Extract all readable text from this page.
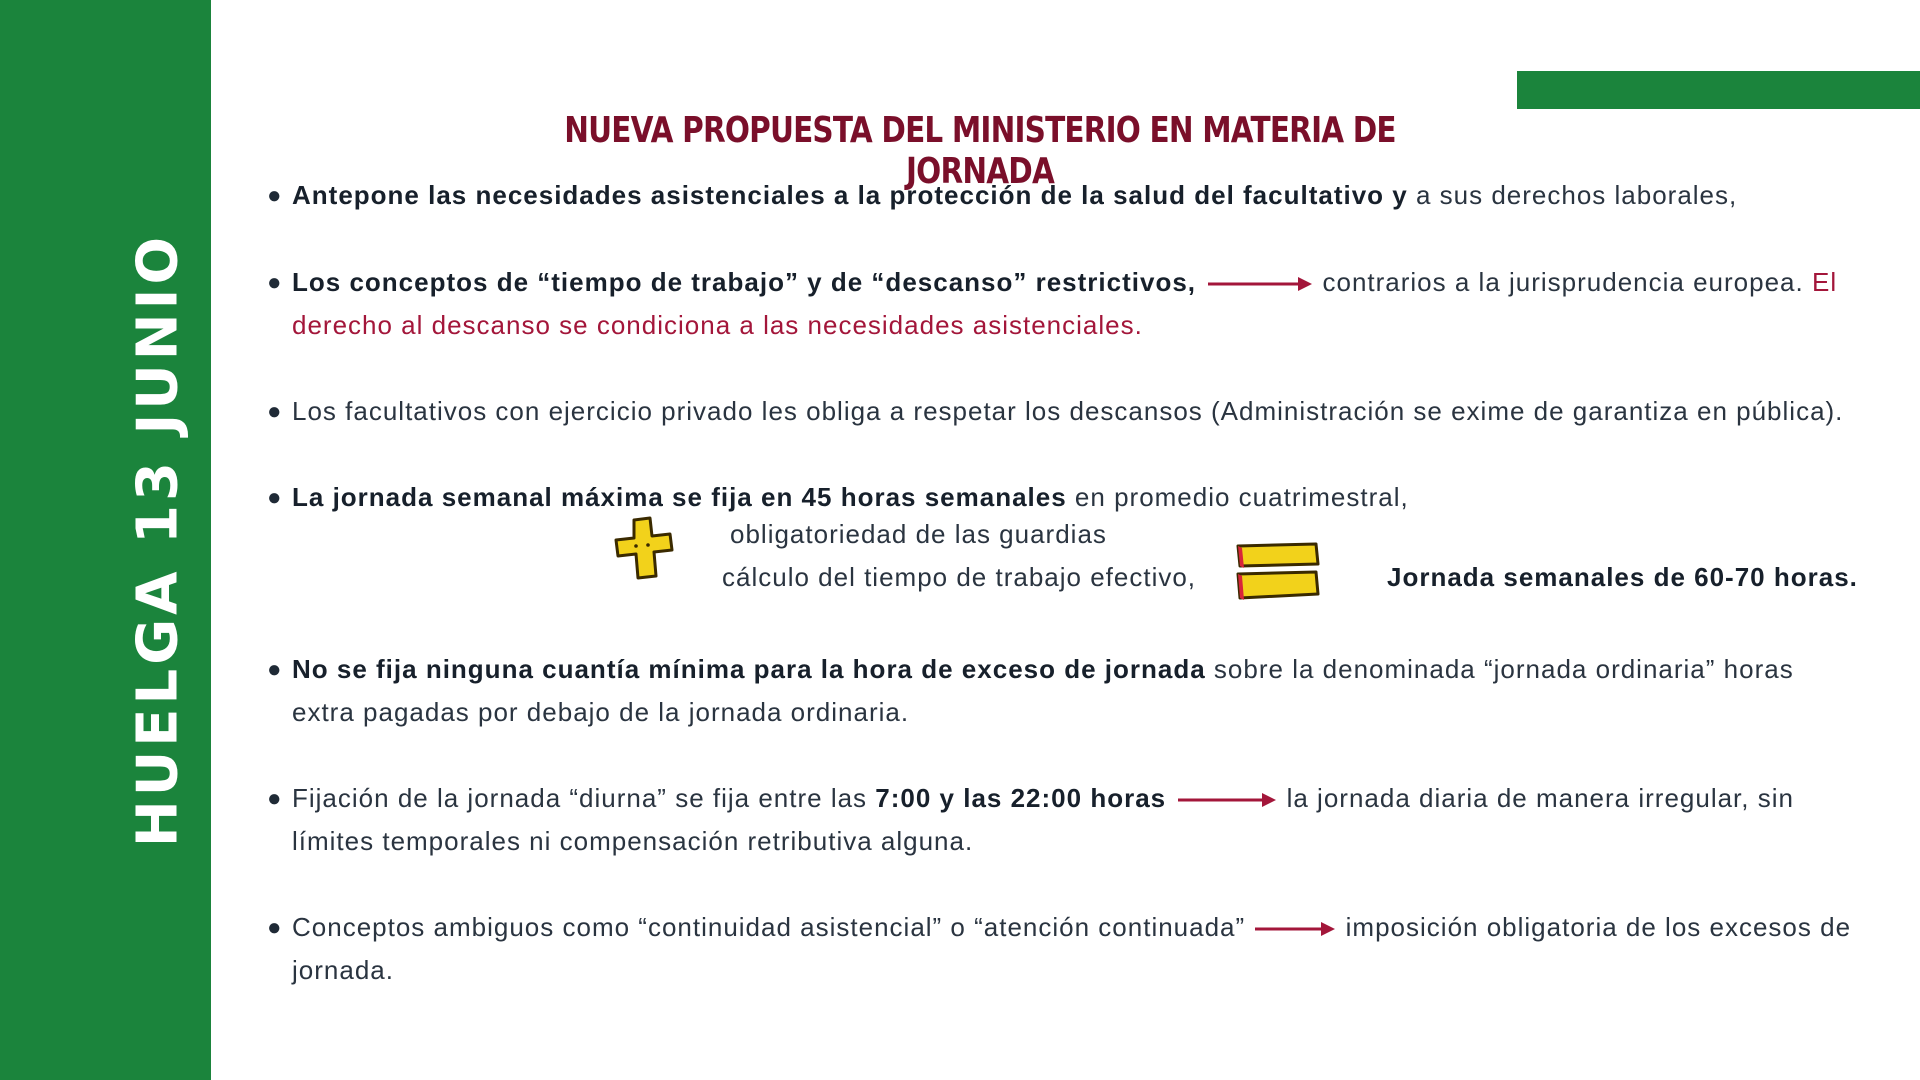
HUELGA 13 JUNIO
NUEVA PROPUESTA DEL MINISTERIO EN MATERIA DE JORNADA
● Antepone las necesidades asistenciales a la protección de la salud del facultativo y a sus derechos laborales,
● Los conceptos de “tiempo de trabajo” y de “descanso” restrictivos,	contrarios a la jurisprudencia europea. El derecho al descanso se condiciona a las necesidades asistenciales.
● Los facultativos con ejercicio privado les obliga a respetar los descansos (Administración se exime de garantiza en pública).
● La jornada semanal máxima se fija en 45 horas semanales en promedio cuatrimestral,
obligatoriedad de las guardias
cálculo del tiempo de trabajo efectivo,	Jornada semanales de 60-70 horas.
● No se fija ninguna cuantía mínima para la hora de exceso de jornada sobre la denominada “jornada ordinaria” horas extra pagadas por debajo de la jornada ordinaria.
● Fijación de la jornada “diurna” se fija entre las 7:00 y las 22:00 horas	la jornada diaria de manera irregular, sin límites temporales ni compensación retributiva alguna.
● Conceptos ambiguos como “continuidad asistencial” o “atención continuada”	imposición obligatoria de los excesos de jornada.
